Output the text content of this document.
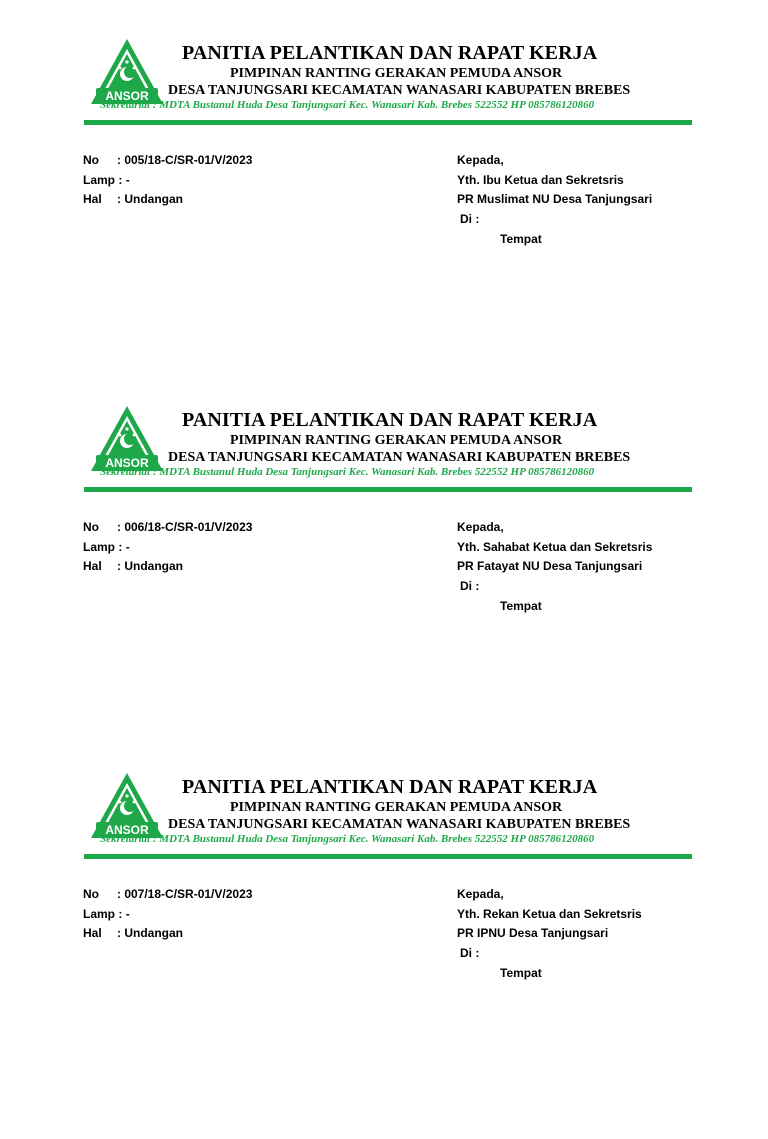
ANSOR
PANITIA PELANTIKAN DAN RAPAT KERJA
PIMPINAN RANTING GERAKAN PEMUDA ANSOR
DESA TANJUNGSARI KECAMATAN WANASARI KABUPATEN BREBES
Sekretariat : MDTA Bustanul Huda Desa Tanjungsari Kec. Wanasari Kab. Brebes 522552 HP 085786120860
No : 005/18-C/SR-01/V/2023
Lamp : -
Hal : Undangan
Kepada,
Yth. Ibu Ketua dan Sekretsris
PR Muslimat NU Desa Tanjungsari
Di :
Tempat
ANSOR
PANITIA PELANTIKAN DAN RAPAT KERJA
PIMPINAN RANTING GERAKAN PEMUDA ANSOR
DESA TANJUNGSARI KECAMATAN WANASARI KABUPATEN BREBES
Sekretariat : MDTA Bustanul Huda Desa Tanjungsari Kec. Wanasari Kab. Brebes 522552 HP 085786120860
No : 006/18-C/SR-01/V/2023
Lamp : -
Hal : Undangan
Kepada,
Yth. Sahabat Ketua dan Sekretsris
PR Fatayat NU Desa Tanjungsari
Di :
Tempat
ANSOR
PANITIA PELANTIKAN DAN RAPAT KERJA
PIMPINAN RANTING GERAKAN PEMUDA ANSOR
DESA TANJUNGSARI KECAMATAN WANASARI KABUPATEN BREBES
Sekretariat : MDTA Bustanul Huda Desa Tanjungsari Kec. Wanasari Kab. Brebes 522552 HP 085786120860
No : 007/18-C/SR-01/V/2023
Lamp : -
Hal : Undangan
Kepada,
Yth. Rekan Ketua dan Sekretsris
PR IPNU Desa Tanjungsari
Di :
Tempat
